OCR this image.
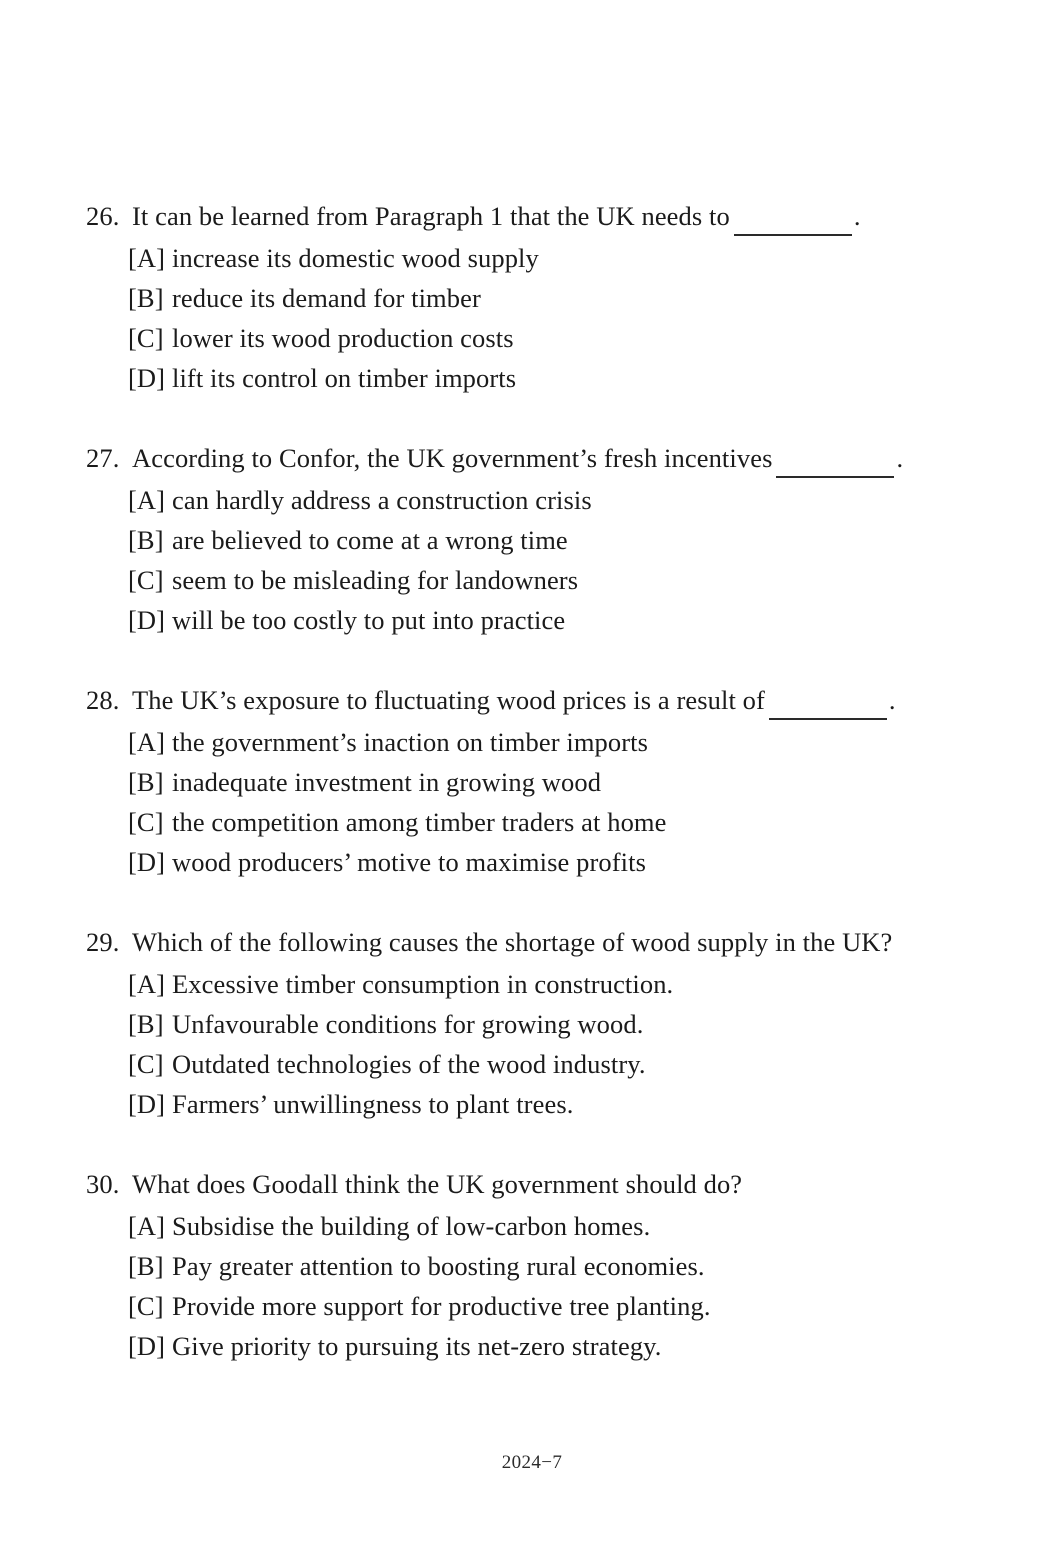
26. It can be learned from Paragraph 1 that the UK needs to	.
[A] increase its domestic wood supply
[B] reduce its demand for timber
[C] lower its wood production costs
[D] lift its control on timber imports
27. According to Confor, the UK government’s fresh incentives	.
[A] can hardly address a construction crisis
[B] are believed to come at a wrong time
[C] seem to be misleading for landowners
[D] will be too costly to put into practice
28. The UK’s exposure to fluctuating wood prices is a result of	.
[A] the government’s inaction on timber imports
[B] inadequate investment in growing wood
[C] the competition among timber traders at home
[D] wood producers’ motive to maximise profits
29. Which of the following causes the shortage of wood supply in the UK?
[A] Excessive timber consumption in construction.
[B] Unfavourable conditions for growing wood.
[C] Outdated technologies of the wood industry.
[D] Farmers’ unwillingness to plant trees.
30. What does Goodall think the UK government should do?
[A] Subsidise the building of low-carbon homes.
[B] Pay greater attention to boosting rural economies.
[C] Provide more support for productive tree planting.
[D] Give priority to pursuing its net-zero strategy.
2024−7
